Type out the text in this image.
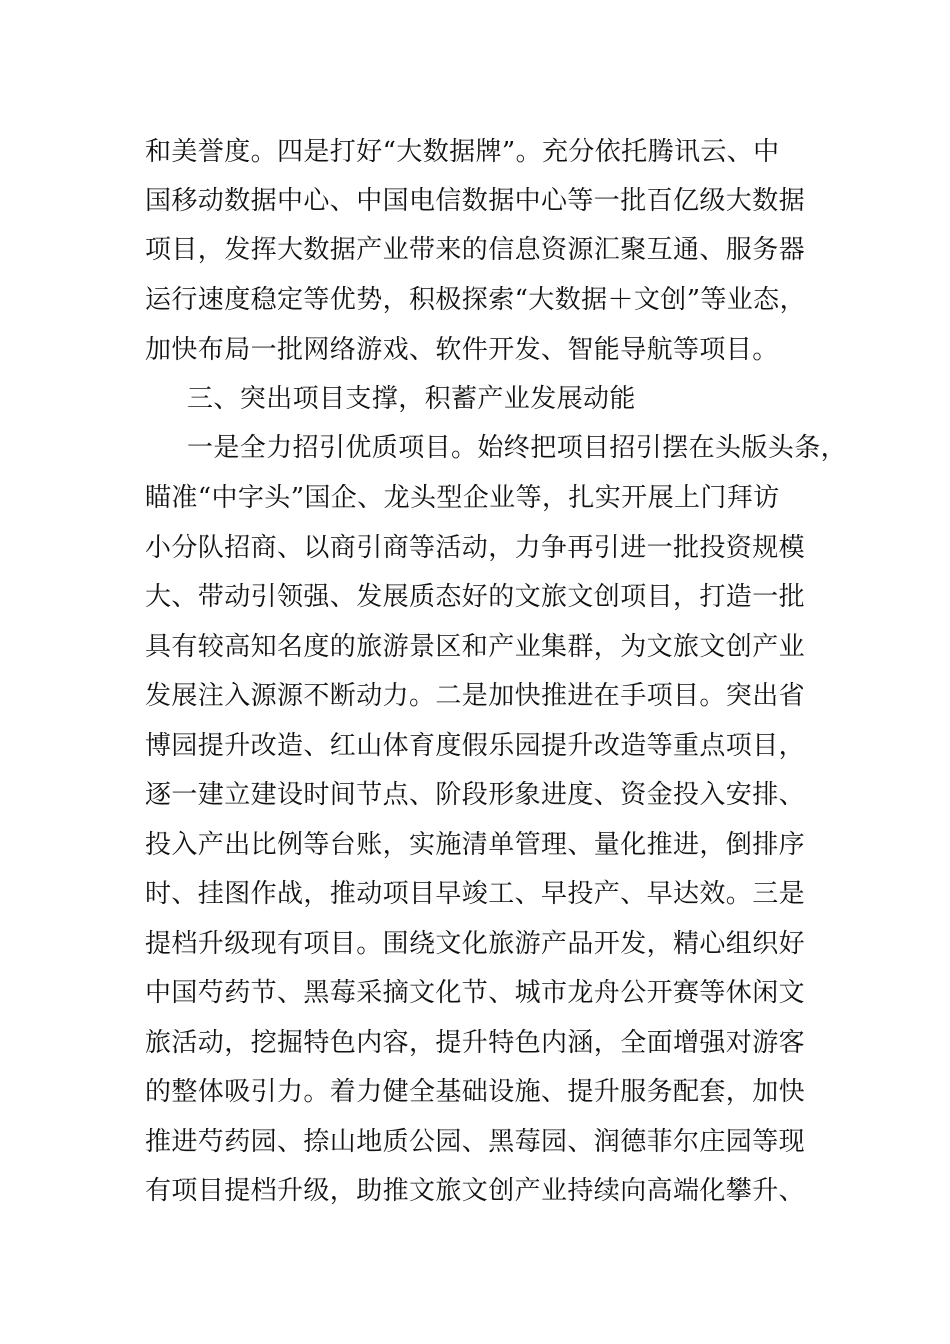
和美誉度。四是打好“大数据牌”。充分依托腾讯云、中
国移动数据中心、中国电信数据中心等一批百亿级大数据
项目，发挥大数据产业带来的信息资源汇聚互通、服务器
运行速度稳定等优势，积极探索“大数据＋文创”等业态，
加快布局一批网络游戏、软件开发、智能导航等项目。
三、突出项目支撑，积蓄产业发展动能
一是全力招引优质项目。始终把项目招引摆在头版头条，
瞄准“中字头”国企、龙头型企业等，扎实开展上门拜访
小分队招商、以商引商等活动，力争再引进一批投资规模
大、带动引领强、发展质态好的文旅文创项目，打造一批
具有较高知名度的旅游景区和产业集群，为文旅文创产业
发展注入源源不断动力。二是加快推进在手项目。突出省
博园提升改造、红山体育度假乐园提升改造等重点项目，
逐一建立建设时间节点、阶段形象进度、资金投入安排、
投入产出比例等台账，实施清单管理、量化推进，倒排序
时、挂图作战，推动项目早竣工、早投产、早达效。三是
提档升级现有项目。围绕文化旅游产品开发，精心组织好
中国芍药节、黑莓采摘文化节、城市龙舟公开赛等休闲文
旅活动，挖掘特色内容，提升特色内涵，全面增强对游客
的整体吸引力。着力健全基础设施、提升服务配套，加快
推进芍药园、捺山地质公园、黑莓园、润德菲尔庄园等现
有项目提档升级，助推文旅文创产业持续向高端化攀升、
